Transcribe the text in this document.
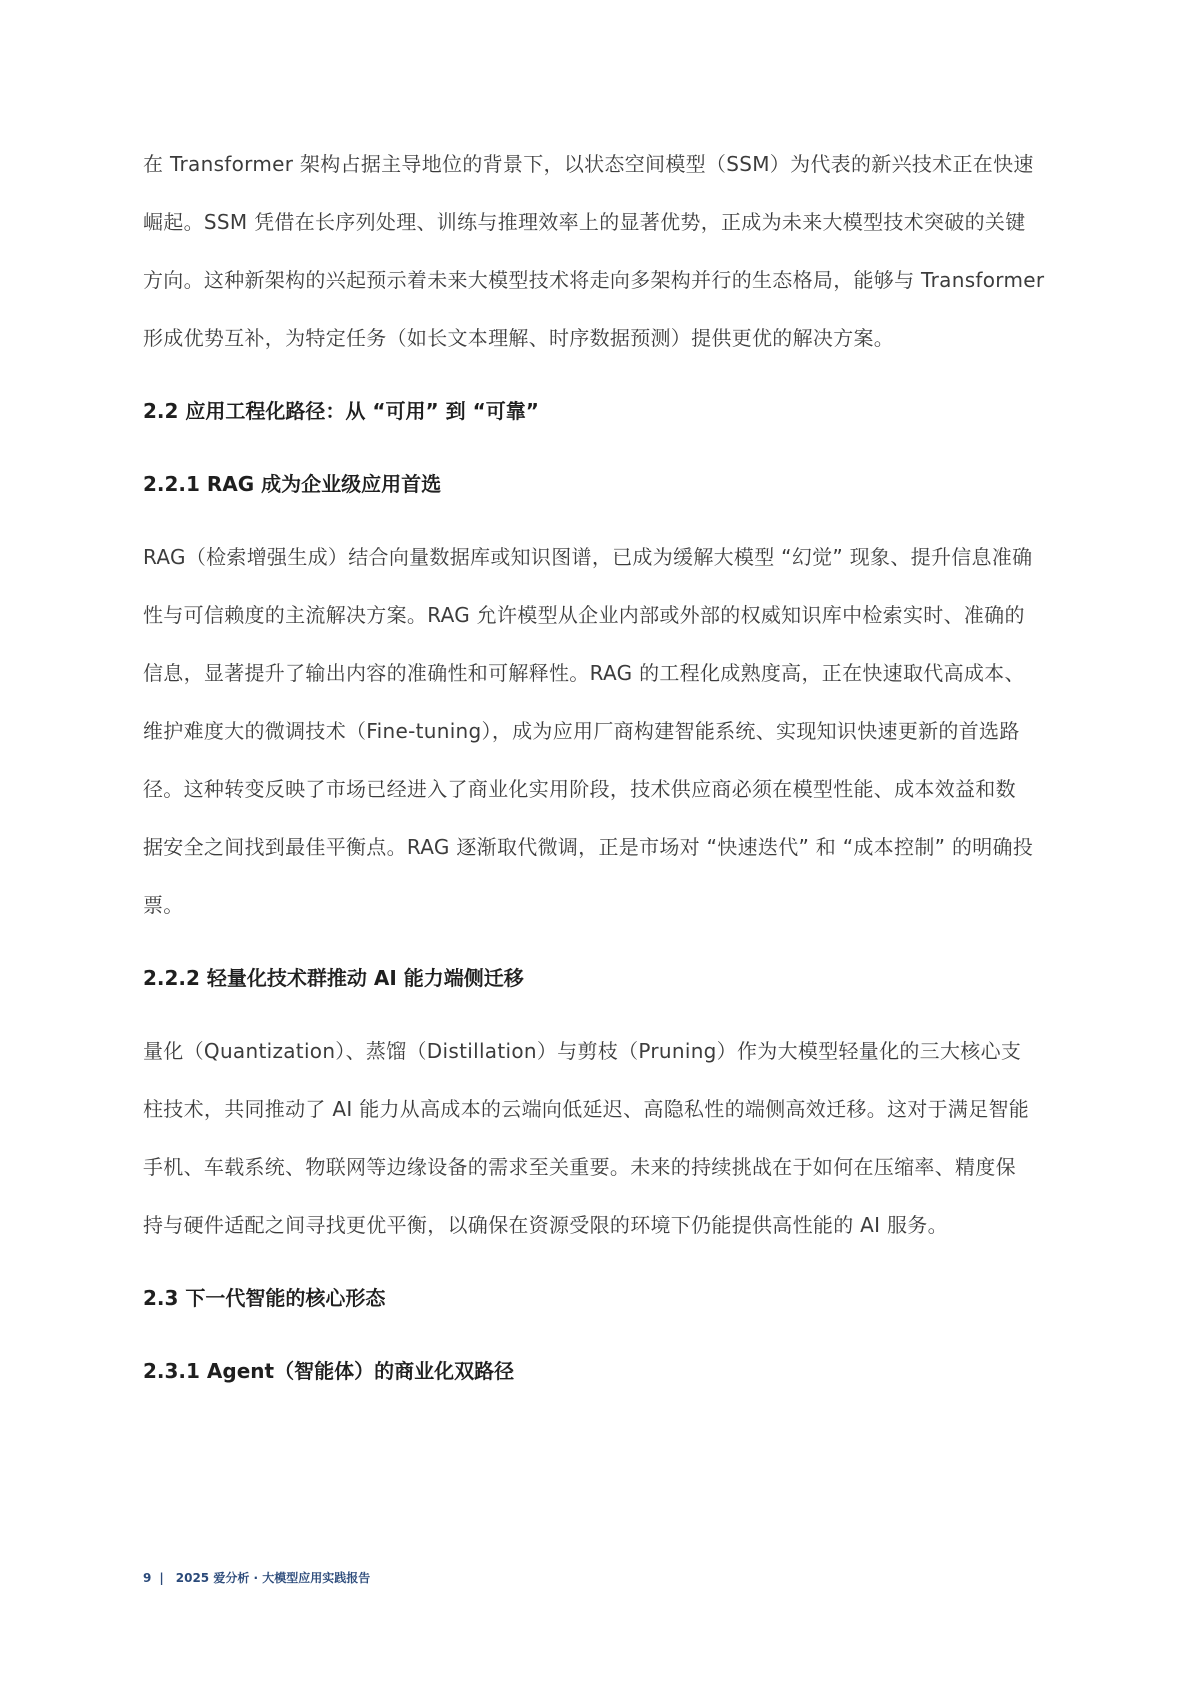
在 Transformer 架构占据主导地位的背景下，以状态空间模型（SSM）为代表的新兴技术正在快速
崛起。SSM 凭借在长序列处理、训练与推理效率上的显著优势，正成为未来大模型技术突破的关键
方向。这种新架构的兴起预示着未来大模型技术将走向多架构并行的生态格局，能够与 Transformer
形成优势互补，为特定任务（如长文本理解、时序数据预测）提供更优的解决方案。
2.2 应用工程化路径：从 “可用” 到 “可靠”
2.2.1 RAG 成为企业级应用首选
RAG（检索增强生成）结合向量数据库或知识图谱，已成为缓解大模型 “幻觉” 现象、提升信息准确
性与可信赖度的主流解决方案。RAG 允许模型从企业内部或外部的权威知识库中检索实时、准确的
信息，显著提升了输出内容的准确性和可解释性。RAG 的工程化成熟度高，正在快速取代高成本、
维护难度大的微调技术（Fine-tuning），成为应用厂商构建智能系统、实现知识快速更新的首选路
径。这种转变反映了市场已经进入了商业化实用阶段，技术供应商必须在模型性能、成本效益和数
据安全之间找到最佳平衡点。RAG 逐渐取代微调，正是市场对 “快速迭代” 和 “成本控制” 的明确投
票。
2.2.2 轻量化技术群推动 AI 能力端侧迁移
量化（Quantization）、蒸馏（Distillation）与剪枝（Pruning）作为大模型轻量化的三大核心支
柱技术，共同推动了 AI 能力从高成本的云端向低延迟、高隐私性的端侧高效迁移。这对于满足智能
手机、车载系统、物联网等边缘设备的需求至关重要。未来的持续挑战在于如何在压缩率、精度保
持与硬件适配之间寻找更优平衡，以确保在资源受限的环境下仍能提供高性能的 AI 服务。
2.3 下一代智能的核心形态
2.3.1 Agent（智能体）的商业化双路径
9 | 2025 爱分析 · 大模型应用实践报告
